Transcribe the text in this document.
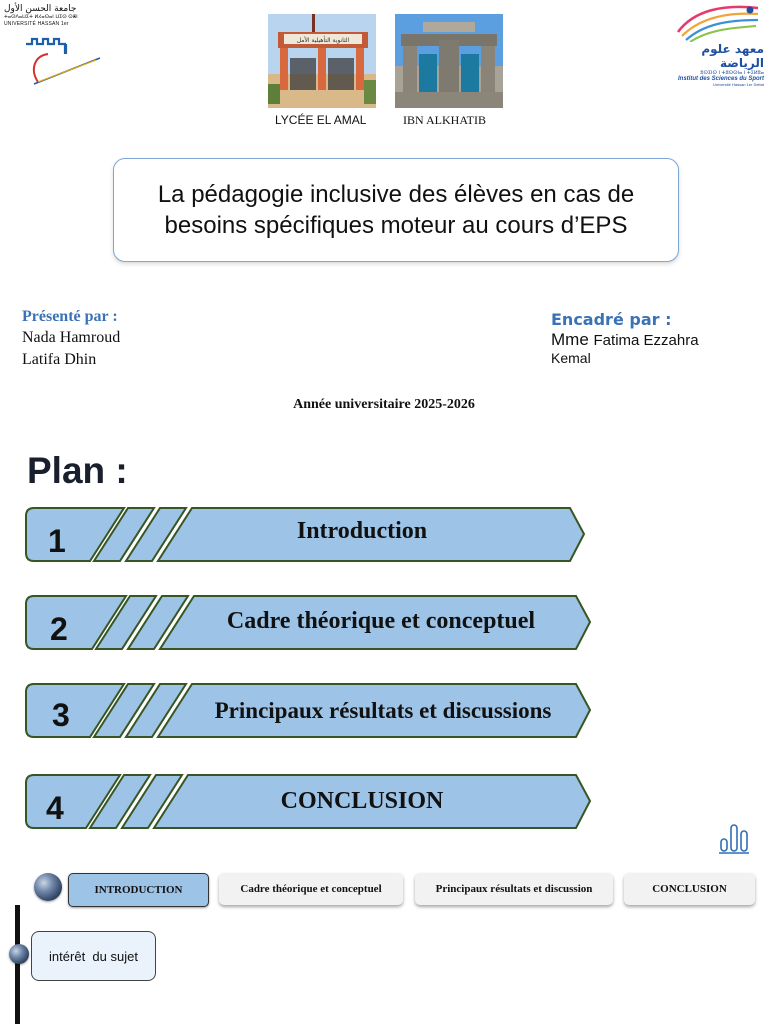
جامعة الحسن الأول
ⵜⴰⵙⴷⴰⵡⵉⵜ ⵍⵃⴰⵙⴰⵏ ⵡⵉⵙ ⵙⴻⵏ
UNIVERSITÉ HASSAN 1er
الثانوية التأهيلية الأمل
LYCÉE EL AMAL	IBN ALKHATIB
معهد علوم الرياضة
ⵓⵙⵉⵏⵙ ⵏ ⵜⵓⵙⵙⵏⴰ ⵏ ⵜⵉⵍⵓⴰ
Institut des Sciences du Sport
Université Hassan 1er Settat
La pédagogie inclusive des élèves en cas de besoins spécifiques moteur au cours d’EPS
Présenté par :
Nada Hamroud
Latifa Dhin
Encadré par :
Mme Fatima Ezzahra
Kemal
Année universitaire 2025-2026
Plan :
1	Introduction
2	Cadre théorique et conceptuel
3	Principaux résultats et discussions
4	CONCLUSION
INTRODUCTION	Cadre théorique et conceptuel	Principaux résultats et discussion	CONCLUSION
intérêt  du sujet
